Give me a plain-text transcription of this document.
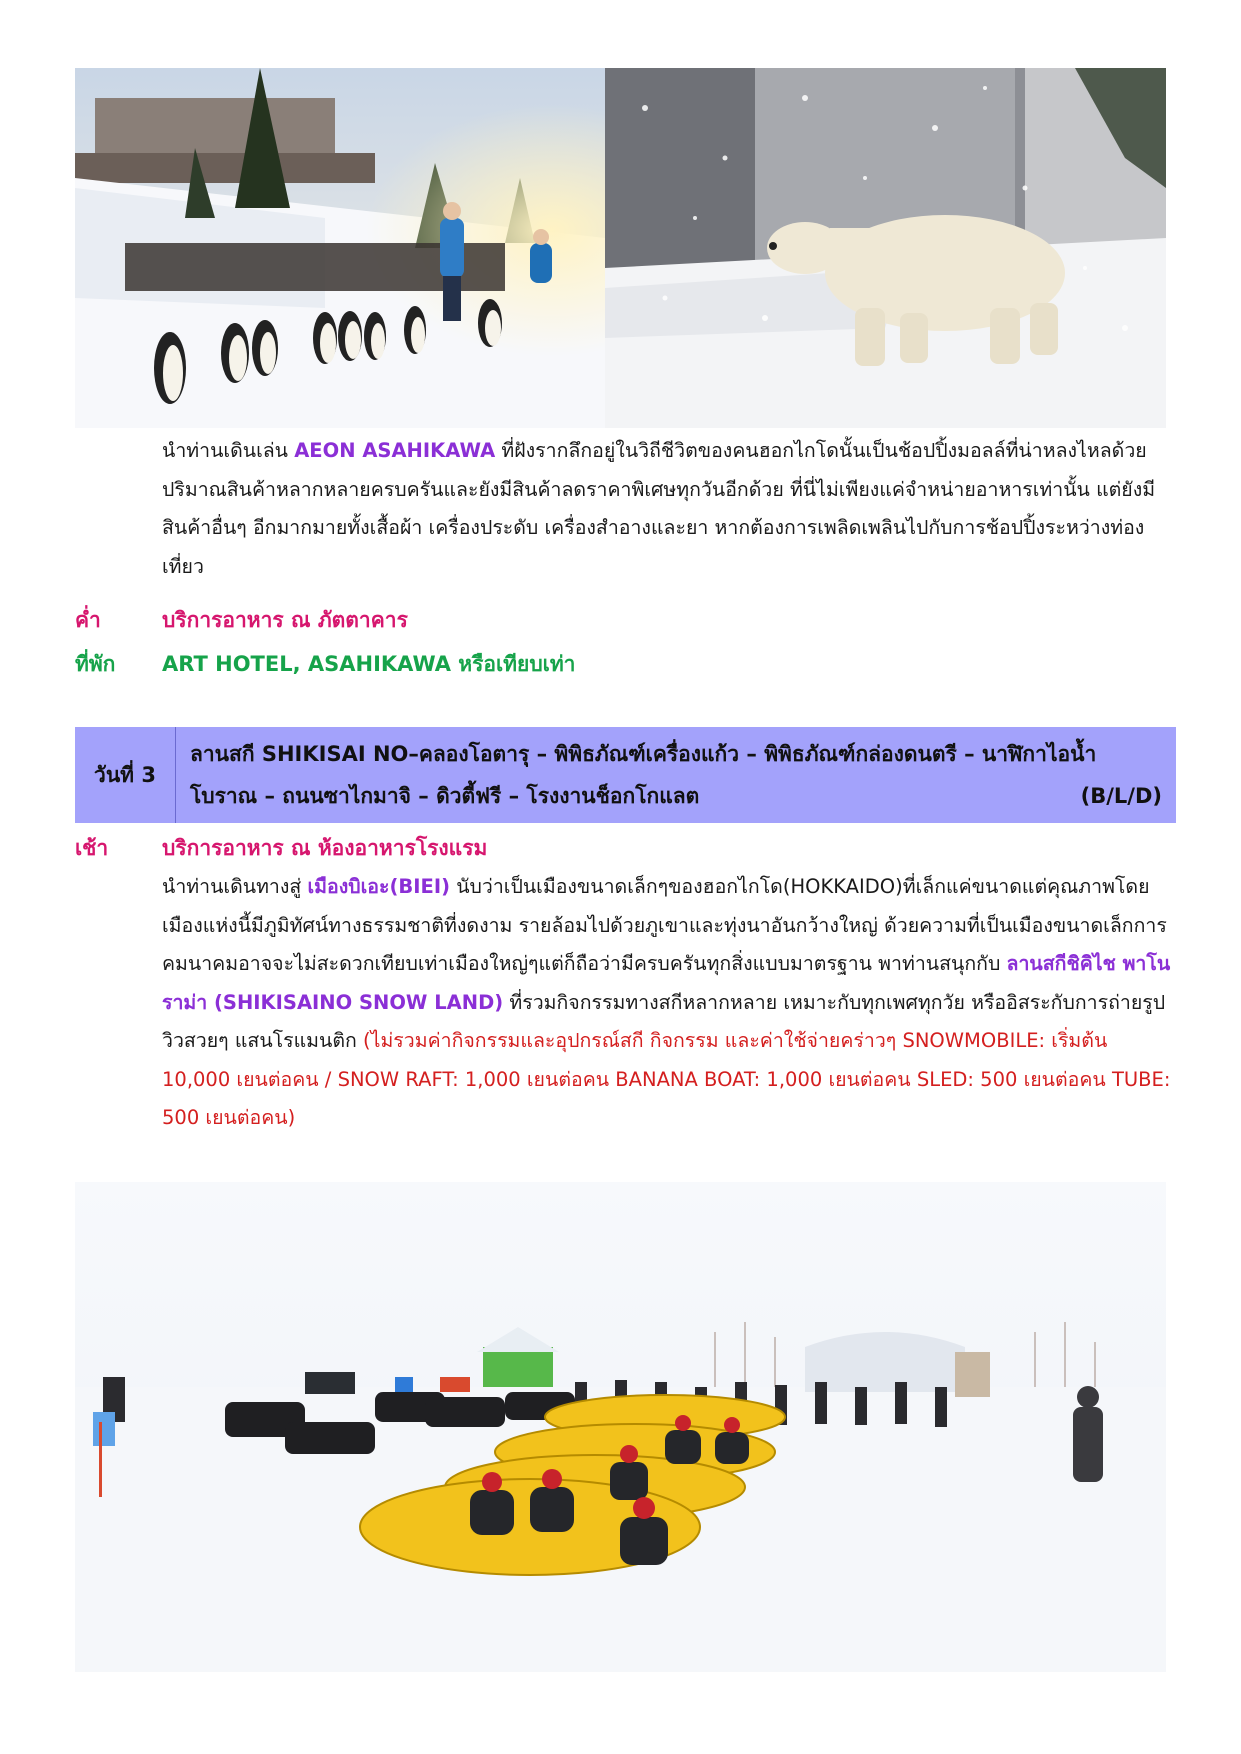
นำท่านเดินเล่น AEON ASAHIKAWA ที่ฝังรากลึกอยู่ในวิถีชีวิตของคนฮอกไกโดนั้นเป็นช้อปปิ้งมอลล์ที่น่าหลงไหลด้วยปริมาณสินค้าหลากหลายครบครันและยังมีสินค้าลดราคาพิเศษทุกวันอีกด้วย ที่นี่ไม่เพียงแค่จำหน่ายอาหารเท่านั้น แต่ยังมีสินค้าอื่นๆ อีกมากมายทั้งเสื้อผ้า เครื่องประดับ เครื่องสำอางและยา หากต้องการเพลิดเพลินไปกับการช้อปปิ้งระหว่างท่องเที่ยว
ค่ำ	บริการอาหาร ณ ภัตตาคาร
ที่พัก ART HOTEL, ASAHIKAWA หรือเทียบเท่า
วันที่ 3
ลานสกี SHIKISAI NO–คลองโอตารุ – พิพิธภัณฑ์เครื่องแก้ว – พิพิธภัณฑ์กล่องดนตรี – นาฬิกาไอน้ำ
โบราณ – ถนนซาไกมาจิ – ดิวตี้ฟรี – โรงงานช็อกโกแลต	(B/L/D)
เช้า	บริการอาหาร ณ ห้องอาหารโรงแรม
นำท่านเดินทางสู่ เมืองบิเอะ(BIEI) นับว่าเป็นเมืองขนาดเล็กๆของฮอกไกโด(HOKKAIDO)ที่เล็กแค่ขนาดแต่คุณภาพโดยเมืองแห่งนี้มีภูมิทัศน์ทางธรรมชาติที่งดงาม รายล้อมไปด้วยภูเขาและทุ่งนาอันกว้างใหญ่ ด้วยความที่เป็นเมืองขนาดเล็กการคมนาคมอาจจะไม่สะดวกเทียบเท่าเมืองใหญ่ๆแต่ก็ถือว่ามีครบครันทุกสิ่งแบบมาตรฐาน พาท่านสนุกกับ ลานสกีชิคิไช พาโนราม่า (SHIKISAINO SNOW LAND) ที่รวมกิจกรรมทางสกีหลากหลาย เหมาะกับทุกเพศทุกวัย หรืออิสระกับการถ่ายรูป วิวสวยๆ แสนโรแมนติก (ไม่รวมค่ากิจกรรมและอุปกรณ์สกี กิจกรรม และค่าใช้จ่ายคร่าวๆ SNOWMOBILE: เริ่มต้น 10,000 เยนต่อคน / SNOW RAFT: 1,000 เยนต่อคน BANANA BOAT: 1,000 เยนต่อคน SLED: 500 เยนต่อคน TUBE: 500 เยนต่อคน)
